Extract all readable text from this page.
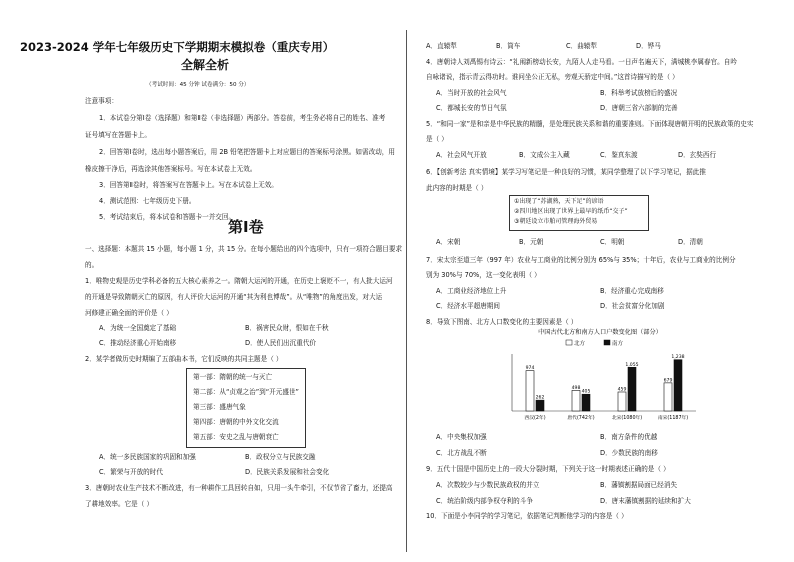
2023-2024 学年七年级历史下学期期末模拟卷（重庆专用）
全解全析
（考试时间：45 分钟 试卷满分：50 分）
注意事项：
1．本试卷分第Ⅰ卷（选择题）和第Ⅱ卷（非选择题）两部分。答卷前，考生务必将自己的姓名、准考
证号填写在答题卡上。
2．回答第Ⅰ卷时，选出每小题答案后，用 2B 铅笔把答题卡上对应题目的答案标号涂黑。如需改动，用
橡皮擦干净后，再选涂其他答案标号。写在本试卷上无效。
3．回答第Ⅱ卷时，将答案写在答题卡上。写在本试卷上无效。
4．测试范围：七年级历史下册。
5．考试结束后，将本试卷和答题卡一并交回。
第Ⅰ卷
一、选择题：本题共 15 小题，每小题 1 分，共 15 分。在每小题给出的四个选项中，只有一项符合题目要求
的。
1．唯物史观是历史学科必备的五大核心素养之一。隋朝大运河的开通，在历史上褒贬不一，有人批大运河
的开通是导致隋朝灭亡的原因，有人评价大运河的开通“其为利也博哉”。从“唯物”的角度出发，对大运
河修建正确全面的评价是（ ）
A．为统一全国奠定了基础	B．祸害民众财，恨如在千秋
C．推动经济重心开始南移	D．使人民们出沉重代价
2．某学者做历史时期编了五部曲本书，它们反映的共同主题是（ ）
第一部：隋朝的统一与灭亡
第二部：从“贞观之治”到“开元盛世”
第三部：盛唐气象
第四部：唐朝的中外文化交流
第五部：安史之乱与唐朝衰亡
A．统一多民族国家的巩固和加强	B．政权分立与民族交融
C．繁荣与开放的时代	D．民族关系发展和社会变化
3．唐朝时农业生产技术不断改进，有一种耕作工具回转自如，只用一头牛牵引，不仅节省了畜力，还提高
了耕地效率。它是（ ）
A．直辕犁	B．筒车	C．曲辕犁	D．铧马
4．唐朝诗人刘禹锡有诗云：“礼闱新榜动长安，九陌人人走马看。一日声名遍天下，满城桃李属春官。自吟
自咏诸说，指示青云得功时。谁问坐公正无私，旁观天骄定中间。”这首诗描写的是（ ）
A．当时开放的社会风气	B．科举考试放榜后的盛况
C．都城长安的节日气氛	D．唐朝三省六部制的完善
5．“和同一家”是和亲是中华民族的精髓，是处理民族关系和谐的重要准则。下面体现唐朝开明的民族政策的史实
是（ ）
A．社会风气开放	B．文成公主入藏	C．鉴真东渡	D．玄奘西行
6．【创新考法 真实情境】某学习写笔记是一种良好的习惯，某同学整理了以下学习笔记，据此推
此内容的时期是（ ）
①出现了“苏湖熟，天下足”的谚语
②四川地区出现了世界上最早的纸币“交子”
③朝廷设立市舶司管理海外贸易
A．宋朝	B．元朝	C．明朝	D．清朝
7．宋太宗至道三年（997 年）农业与工商业的比例分别为 65%与 35%；十年后，农业与工商业的比例分
别为 30%与 70%，这一变化表明（ ）
A．工商业经济地位上升	B．经济重心完成南移
C．经济水平超唐期间	D．社会贫富分化加剧
8．导致下图南、北方人口数变化的主要因素是（ ）
中国古代北方和南方人口户数变化图（部分）
北方	南方
974
262
西汉(2年)
498
405
唐代(742年)
459
1,055
北宋(1080年)
679
1,238
南宋(1187年)
A．中央集权加强	B．南方条件的优越
C．北方战乱不断	D．少数民族的南移
9．五代十国是中国历史上的一段大分裂时期，下列关于这一时期表述正确的是（ ）
A．次数较少与少数民族政权的并立	B．藩镇割据局面已经消失
C．统治阶级内部争权夺利的斗争	D．唐末藩镇割据的延续和扩大
10．下面是小李同学的学习笔记，依据笔记判断他学习的内容是（ ）
